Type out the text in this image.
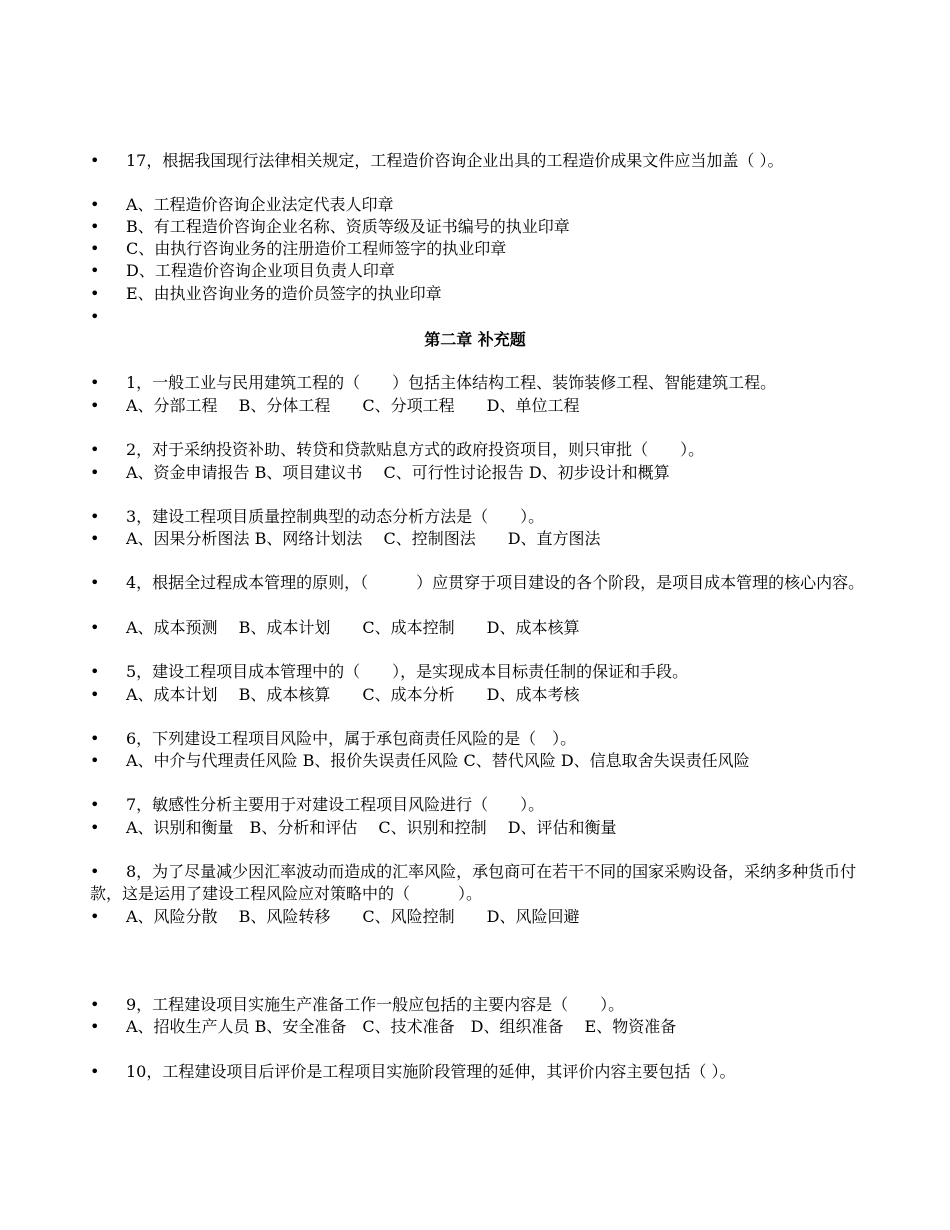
• 17，根据我国现行法律相关规定，工程造价咨询企业出具的工程造价成果文件应当加盖（ ）。
• A、工程造价咨询企业法定代表人印章
• B、有工程造价咨询企业名称、资质等级及证书编号的执业印章
• C、由执行咨询业务的注册造价工程师签字的执业印章
• D、工程造价咨询企业项目负责人印章
• E、由执业咨询业务的造价员签字的执业印章
•
第二章 补充题
• 1，一般工业与民用建筑工程的（　　）包括主体结构工程、装饰装修工程、智能建筑工程。
• A、分部工程　 B、分体工程　　C、分项工程　　D、单位工程
• 2，对于采纳投资补助、转贷和贷款贴息方式的政府投资项目，则只审批（　　）。
• A、资金申请报告 B、项目建议书　 C、可行性讨论报告 D、初步设计和概算
• 3，建设工程项目质量控制典型的动态分析方法是（　　）。
• A、因果分析图法 B、网络计划法　 C、控制图法　　D、直方图法
• 4，根据全过程成本管理的原则，（　　　）应贯穿于项目建设的各个阶段，是项目成本管理的核心内容。
• A、成本预测　 B、成本计划　　C、成本控制　　D、成本核算
• 5，建设工程项目成本管理中的（　　），是实现成本目标责任制的保证和手段。
• A、成本计划　 B、成本核算　　C、成本分析　　D、成本考核
• 6，下列建设工程项目风险中，属于承包商责任风险的是（　）。
• A、中介与代理责任风险 B、报价失误责任风险 C、替代风险 D、信息取舍失误责任风险
• 7，敏感性分析主要用于对建设工程项目风险进行（　　）。
• A、识别和衡量　B、分析和评估　 C、识别和控制　 D、评估和衡量
• 8，为了尽量减少因汇率波动而造成的汇率风险，承包商可在若干不同的国家采购设备，采纳多种货币付款，这是运用了建设工程风险应对策略中的（　　　）。
• A、风险分散　 B、风险转移　　C、风险控制　　D、风险回避
• 9，工程建设项目实施生产准备工作一般应包括的主要内容是（　　）。
• A、招收生产人员 B、安全准备　C、技术准备　D、组织准备　 E、物资准备
• 10，工程建设项目后评价是工程项目实施阶段管理的延伸，其评价内容主要包括（ ）。
